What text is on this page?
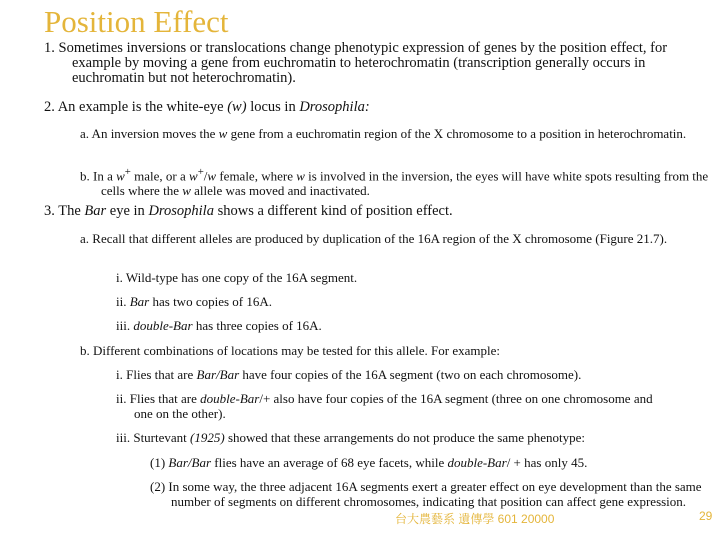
Position Effect
1. Sometimes inversions or translocations change phenotypic expression of genes by the position effect, for example by moving a gene from euchromatin to heterochromatin (transcription generally occurs in euchromatin but not heterochromatin).
2. An example is the white-eye (w) locus in Drosophila:
a. An inversion moves the w gene from a euchromatin region of the X chromosome to a position in heterochromatin.
b. In a w+ male, or a w+/w female, where w is involved in the inversion, the eyes will have white spots resulting from the cells where the w allele was moved and inactivated.
3. The Bar eye in Drosophila shows a different kind of position effect.
a. Recall that different alleles are produced by duplication of the 16A region of the X chromosome (Figure 21.7).
i. Wild-type has one copy of the 16A segment.
ii. Bar has two copies of 16A.
iii. double-Bar has three copies of 16A.
b. Different combinations of locations may be tested for this allele. For example:
i. Flies that are Bar/Bar have four copies of the 16A segment (two on each chromosome).
ii. Flies that are double-Bar/+ also have four copies of the 16A segment (three on one chromosome and one on the other).
iii. Sturtevant (1925) showed that these arrangements do not produce the same phenotype:
(1) Bar/Bar flies have an average of 68 eye facets, while double-Bar/ + has only 45.
(2) In some way, the three adjacent 16A segments exert a greater effect on eye development than the same number of segments on different chromosomes, indicating that position can affect gene expression.
台大農藝系 遺傳學 601 20000	29
